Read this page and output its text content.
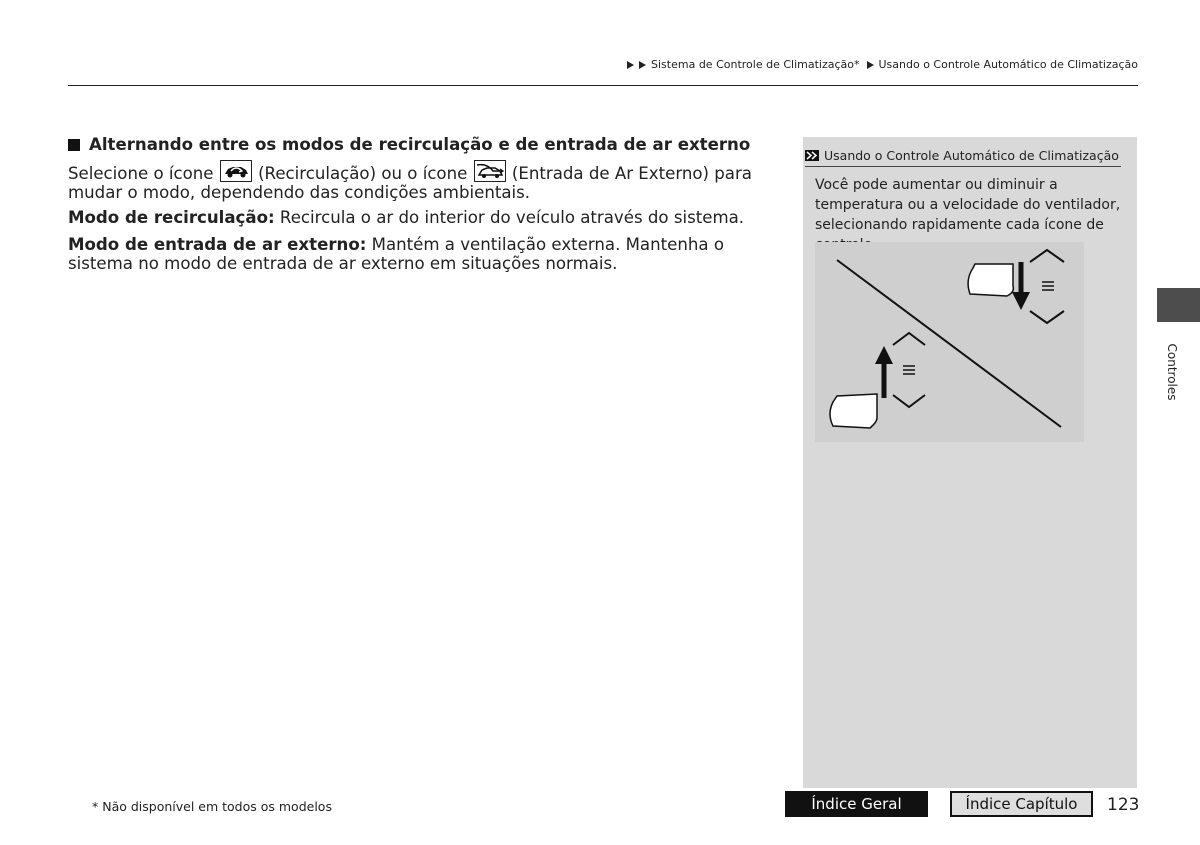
Sistema de Controle de Climatização* Usando o Controle Automático de Climatização
Alternando entre os modos de recirculação e de entrada de ar externo

Selecione o ícone	(Recirculação) ou o ícone	(Entrada de Ar Externo) para mudar o modo, dependendo das condições ambientais.

Modo de recirculação: Recircula o ar do interior do veículo através do sistema.

Modo de entrada de ar externo: Mantém a ventilação externa. Mantenha o sistema no modo de entrada de ar externo em situações normais.

Usando o Controle Automático de Climatização
Você pode aumentar ou diminuir a temperatura ou a velocidade do ventilador, selecionando rapidamente cada ícone de
Controles
* Não disponível em todos os modelos	Índice Geral	Índice Capítulo	123
